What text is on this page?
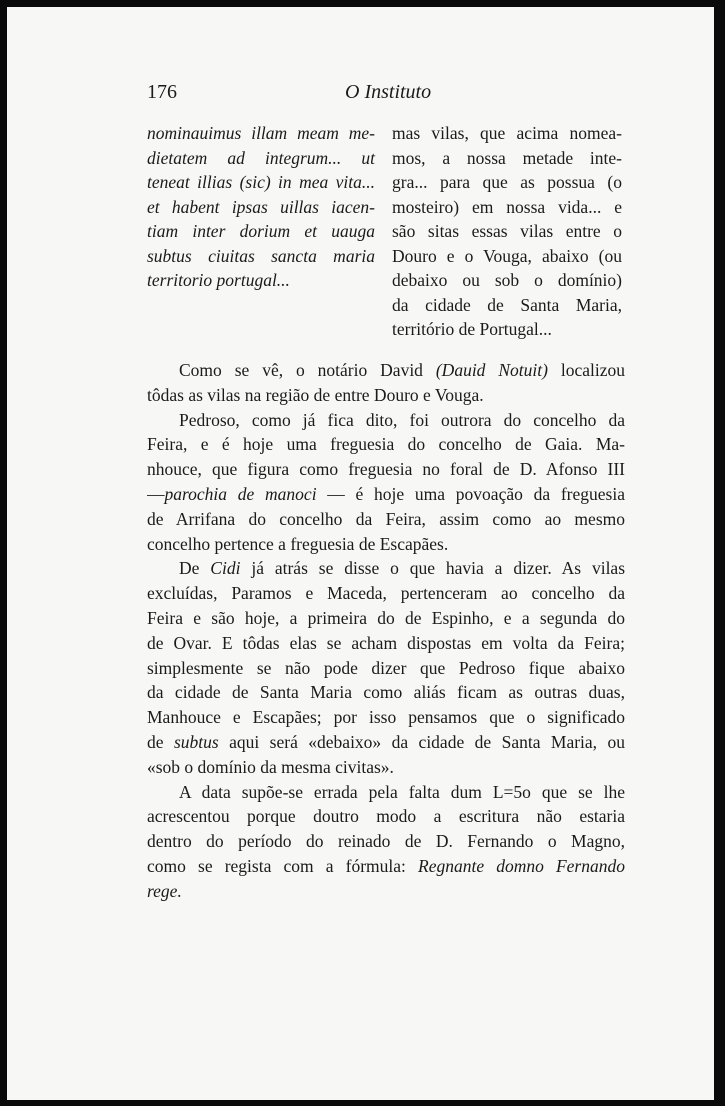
176	O Instituto
nominauimus illam meam me-
dietatem ad integrum... ut
teneat illias (sic) in mea vita...
et habent ipsas uillas iacen-
tiam inter dorium et uauga
subtus ciuitas sancta maria
territorio portugal...
mas vilas, que acima nomea-
mos, a nossa metade inte-
gra... para que as possua (o
mosteiro) em nossa vida... e
são sitas essas vilas entre o
Douro e o Vouga, abaixo (ou
debaixo ou sob o domínio)
da cidade de Santa Maria,
território de Portugal...
Como se vê, o notário David (Dauid Notuit) localizou
tôdas as vilas na região de entre Douro e Vouga.
Pedroso, como já fica dito, foi outrora do concelho da
Feira, e é hoje uma freguesia do concelho de Gaia. Ma-
nhouce, que figura como freguesia no foral de D. Afonso III
—parochia de manoci — é hoje uma povoação da freguesia
de Arrifana do concelho da Feira, assim como ao mesmo
concelho pertence a freguesia de Escapães.
De Cidi já atrás se disse o que havia a dizer. As vilas
excluídas, Paramos e Maceda, pertenceram ao concelho da
Feira e são hoje, a primeira do de Espinho, e a segunda do
de Ovar. E tôdas elas se acham dispostas em volta da Feira;
simplesmente se não pode dizer que Pedroso fique abaixo
da cidade de Santa Maria como aliás ficam as outras duas,
Manhouce e Escapães; por isso pensamos que o significado
de subtus aqui será «debaixo» da cidade de Santa Maria, ou
«sob o domínio da mesma civitas».
A data supõe-se errada pela falta dum L=5o que se lhe
acrescentou porque doutro modo a escritura não estaria
dentro do período do reinado de D. Fernando o Magno,
como se regista com a fórmula: Regnante domno Fernando
rege.
